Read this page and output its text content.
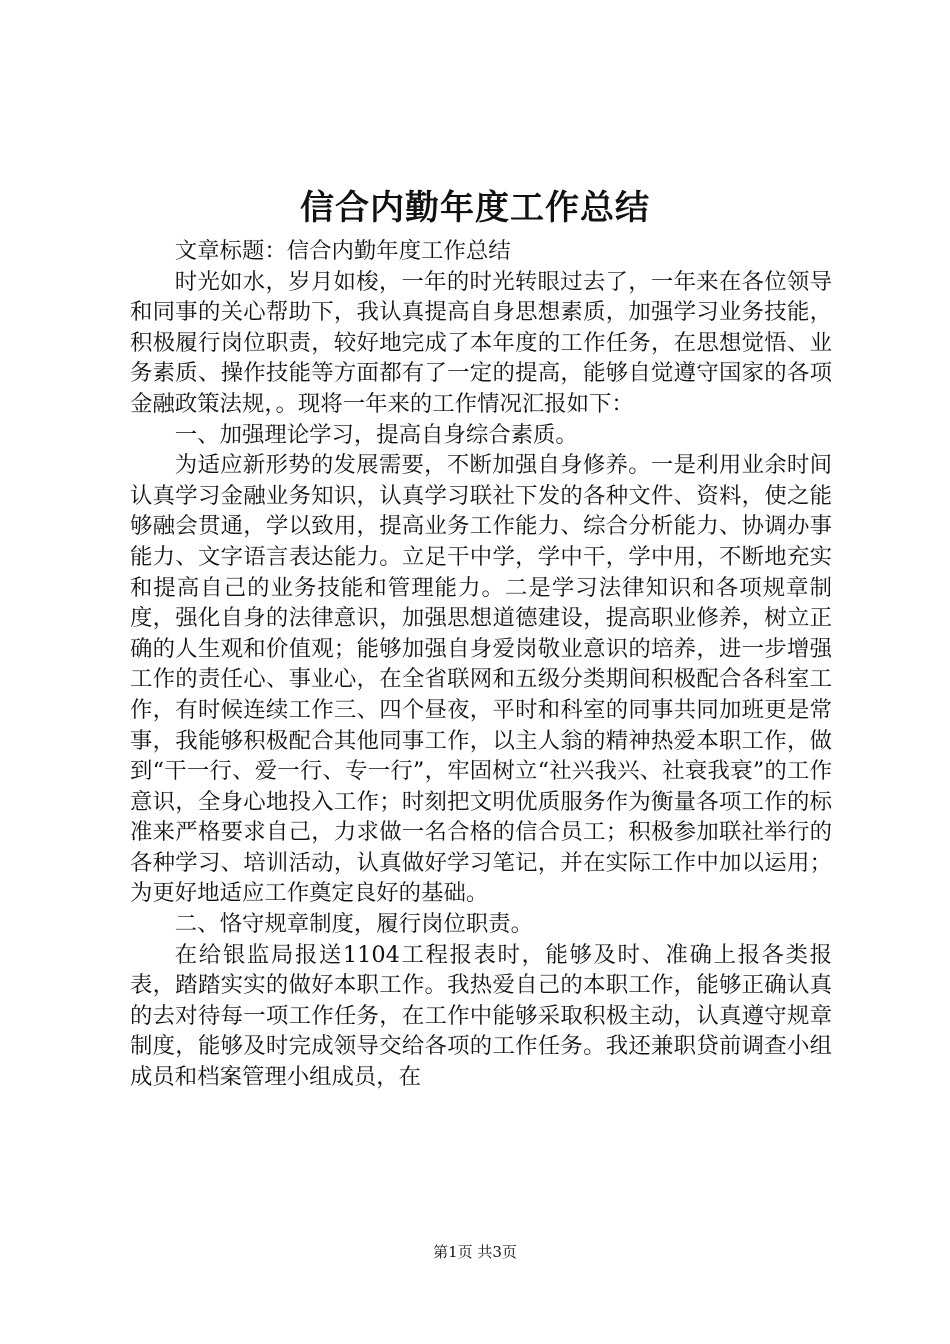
信合内勤年度工作总结

文章标题：信合内勤年度工作总结

时光如水，岁月如梭，一年的时光转眼过去了，一年来在各位领导和同事的关心帮助下，我认真提高自身思想素质，加强学习业务技能，积极履行岗位职责，较好地完成了本年度的工作任务，在思想觉悟、业务素质、操作技能等方面都有了一定的提高，能够自觉遵守国家的各项金融政策法规，。现将一年来的工作情况汇报如下：

一、加强理论学习，提高自身综合素质。

为适应新形势的发展需要，不断加强自身修养。一是利用业余时间认真学习金融业务知识，认真学习联社下发的各种文件、资料，使之能够融会贯通，学以致用，提高业务工作能力、综合分析能力、协调办事能力、文字语言表达能力。立足干中学，学中干，学中用，不断地充实和提高自己的业务技能和管理能力。二是学习法律知识和各项规章制度，强化自身的法律意识，加强思想道德建设，提高职业修养，树立正确的人生观和价值观；能够加强自身爱岗敬业意识的培养，进一步增强工作的责任心、事业心，在全省联网和五级分类期间积极配合各科室工作，有时候连续工作三、四个昼夜，平时和科室的同事共同加班更是常事，我能够积极配合其他同事工作，以主人翁的精神热爱本职工作，做到“干一行、爱一行、专一行”，牢固树立“社兴我兴、社衰我衰”的工作意识，全身心地投入工作；时刻把文明优质服务作为衡量各项工作的标准来严格要求自己，力求做一名合格的信合员工；积极参加联社举行的各种学习、培训活动，认真做好学习笔记，并在实际工作中加以运用；为更好地适应工作奠定良好的基础。

二、恪守规章制度，履行岗位职责。

在给银监局报送1104工程报表时，能够及时、准确上报各类报表，踏踏实实的做好本职工作。我热爱自己的本职工作，能够正确认真的去对待每一项工作任务，在工作中能够采取积极主动，认真遵守规章制度，能够及时完成领导交给各项的工作任务。我还兼职贷前调查小组成员和档案管理小组成员，在

第1页 共3页
